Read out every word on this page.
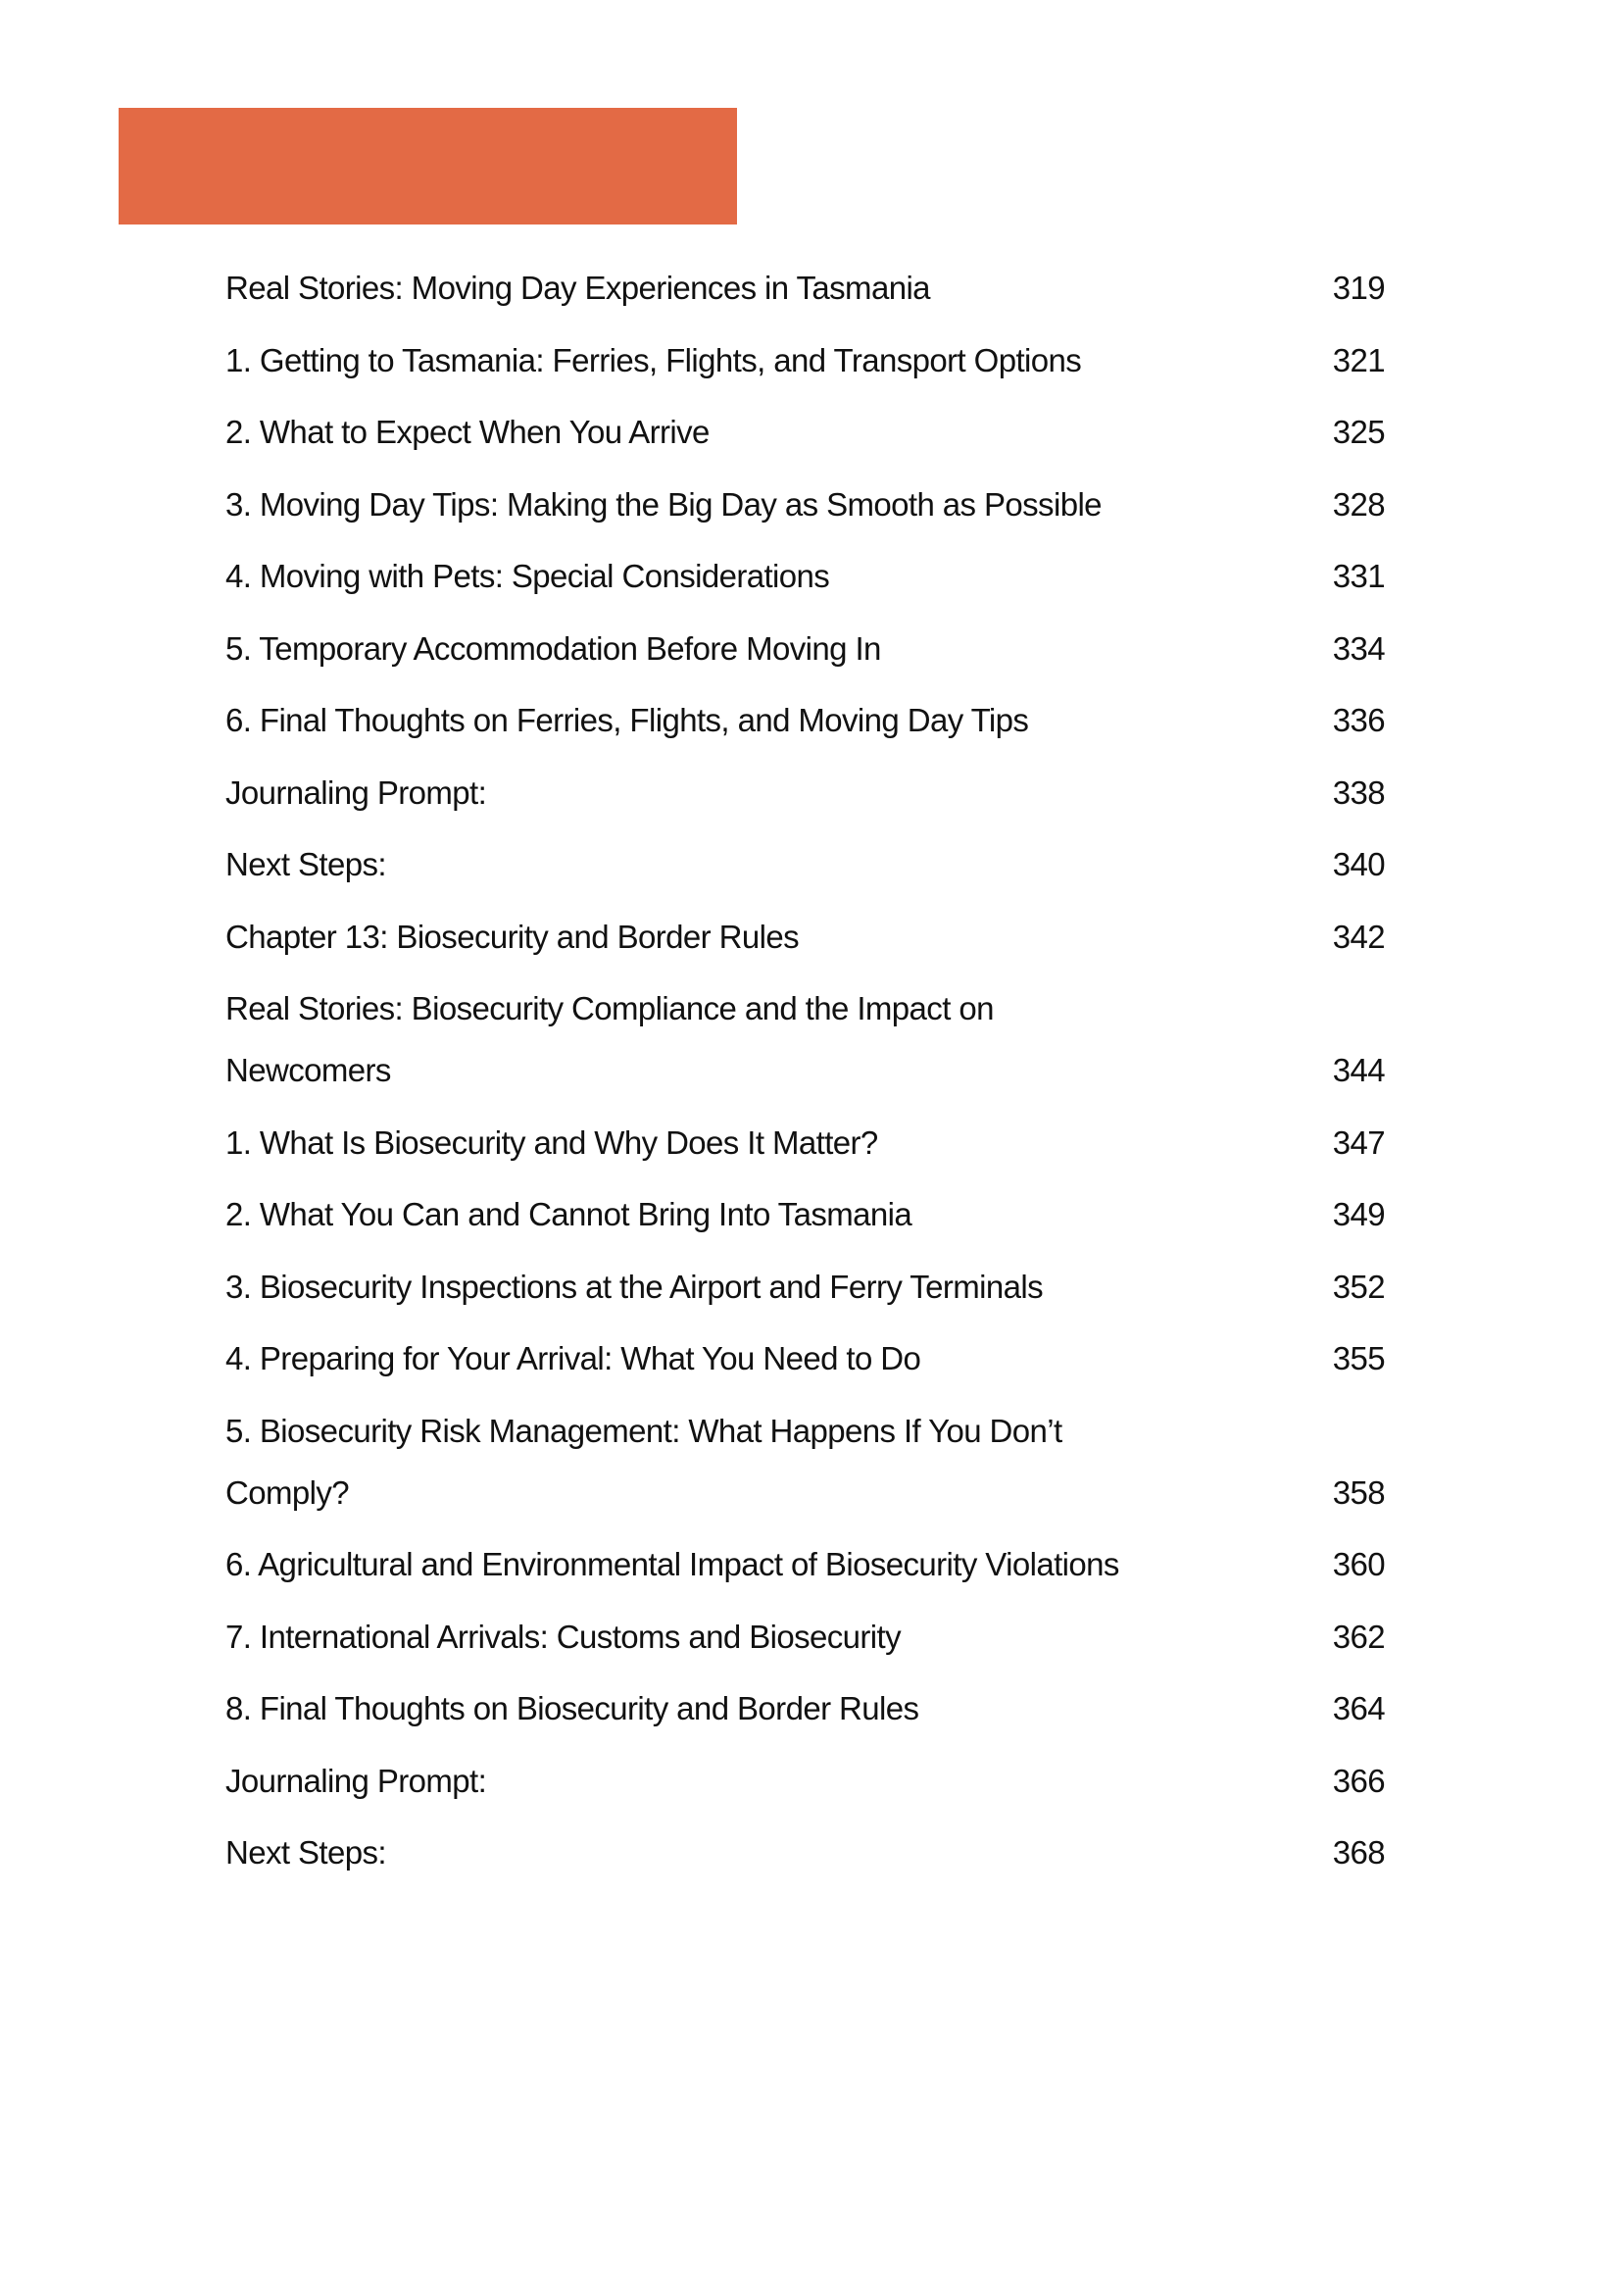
Real Stories: Moving Day Experiences in Tasmania	319
1. Getting to Tasmania: Ferries, Flights, and Transport Options	321
2. What to Expect When You Arrive	325
3. Moving Day Tips: Making the Big Day as Smooth as Possible	328
4. Moving with Pets: Special Considerations	331
5. Temporary Accommodation Before Moving In	334
6. Final Thoughts on Ferries, Flights, and Moving Day Tips	336
Journaling Prompt:	338
Next Steps:	340
Chapter 13: Biosecurity and Border Rules	342
Real Stories: Biosecurity Compliance and the Impact on Newcomers	344
1. What Is Biosecurity and Why Does It Matter?	347
2. What You Can and Cannot Bring Into Tasmania	349
3. Biosecurity Inspections at the Airport and Ferry Terminals	352
4. Preparing for Your Arrival: What You Need to Do	355
5. Biosecurity Risk Management: What Happens If You Don’t Comply?	358
6. Agricultural and Environmental Impact of Biosecurity Violations	360
7. International Arrivals: Customs and Biosecurity	362
8. Final Thoughts on Biosecurity and Border Rules	364
Journaling Prompt:	366
Next Steps:	368
